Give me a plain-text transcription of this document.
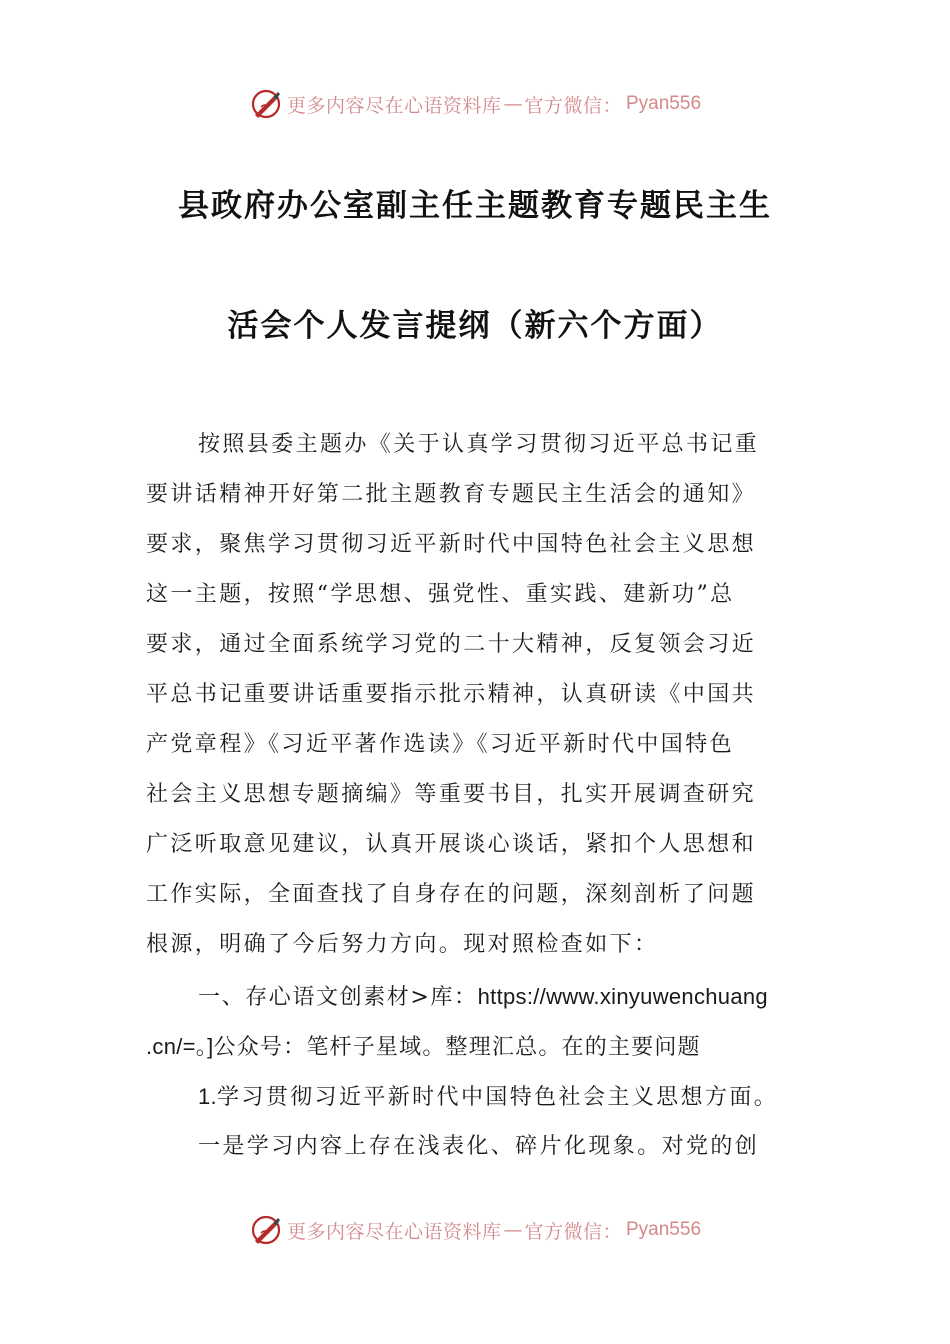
更多内容尽在心语资料库 — 官方微信： Pyan556
县政府办公室副主任主题教育专题民主生
活会个人发言提纲（新六个方面）
按照县委主题办《关于认真学习贯彻习近平总书记重
要讲话精神开好第二批主题教育专题民主生活会的通知》
要求，聚焦学习贯彻习近平新时代中国特色社会主义思想
这一主题，按照“学思想、强党性、重实践、建新功”总
要求，通过全面系统学习党的二十大精神，反复领会习近
平总书记重要讲话重要指示批示精神，认真研读《中国共
产党章程》《习近平著作选读》《习近平新时代中国特色
社会主义思想专题摘编》等重要书目，扎实开展调查研究
广泛听取意见建议，认真开展谈心谈话，紧扣个人思想和
工作实际，全面查找了自身存在的问题，深刻剖析了问题
根源，明确了今后努力方向。现对照检查如下：
一、存心语文创素材>库：https://www.xinyuwenchuang
.cn/=。]公众号：笔杆子星域。整理汇总。在的主要问题
1.学习贯彻习近平新时代中国特色社会主义思想方面。
一是学习内容上存在浅表化、碎片化现象。对党的创
更多内容尽在心语资料库 — 官方微信： Pyan556
